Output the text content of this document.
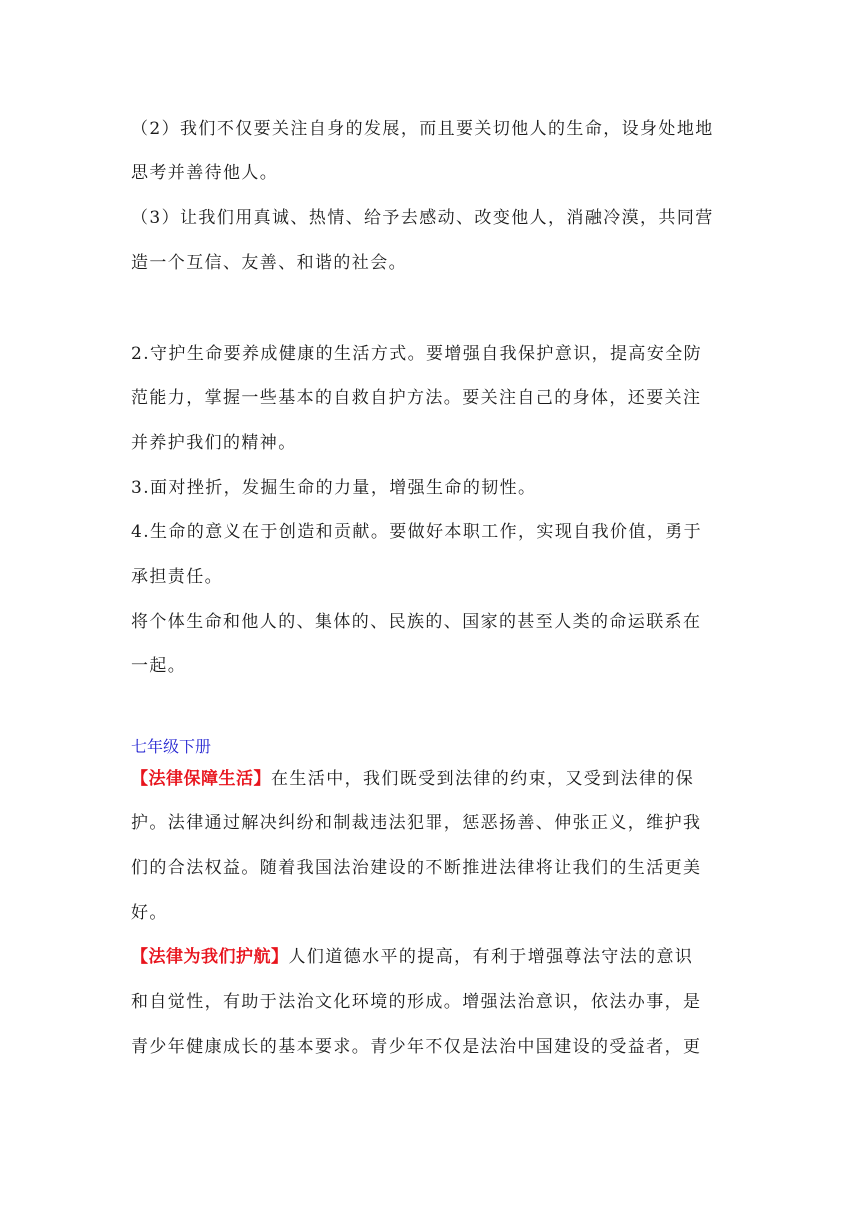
（2）我们不仅要关注自身的发展，而且要关切他人的生命，设身处地地
思考并善待他人。
（3）让我们用真诚、热情、给予去感动、改变他人，消融冷漠，共同营
造一个互信、友善、和谐的社会。
2.守护生命要养成健康的生活方式。要增强自我保护意识，提高安全防
范能力，掌握一些基本的自救自护方法。要关注自己的身体，还要关注
并养护我们的精神。
3.面对挫折，发掘生命的力量，增强生命的韧性。
4.生命的意义在于创造和贡献。要做好本职工作，实现自我价值，勇于
承担责任。
将个体生命和他人的、集体的、民族的、国家的甚至人类的命运联系在
一起。
七年级下册
【法律保障生活】在生活中，我们既受到法律的约束，又受到法律的保
护。法律通过解决纠纷和制裁违法犯罪，惩恶扬善、伸张正义，维护我
们的合法权益。随着我国法治建设的不断推进法律将让我们的生活更美
好。
【法律为我们护航】人们道德水平的提高，有利于增强尊法守法的意识
和自觉性，有助于法治文化环境的形成。增强法治意识，依法办事，是
青少年健康成长的基本要求。青少年不仅是法治中国建设的受益者，更
